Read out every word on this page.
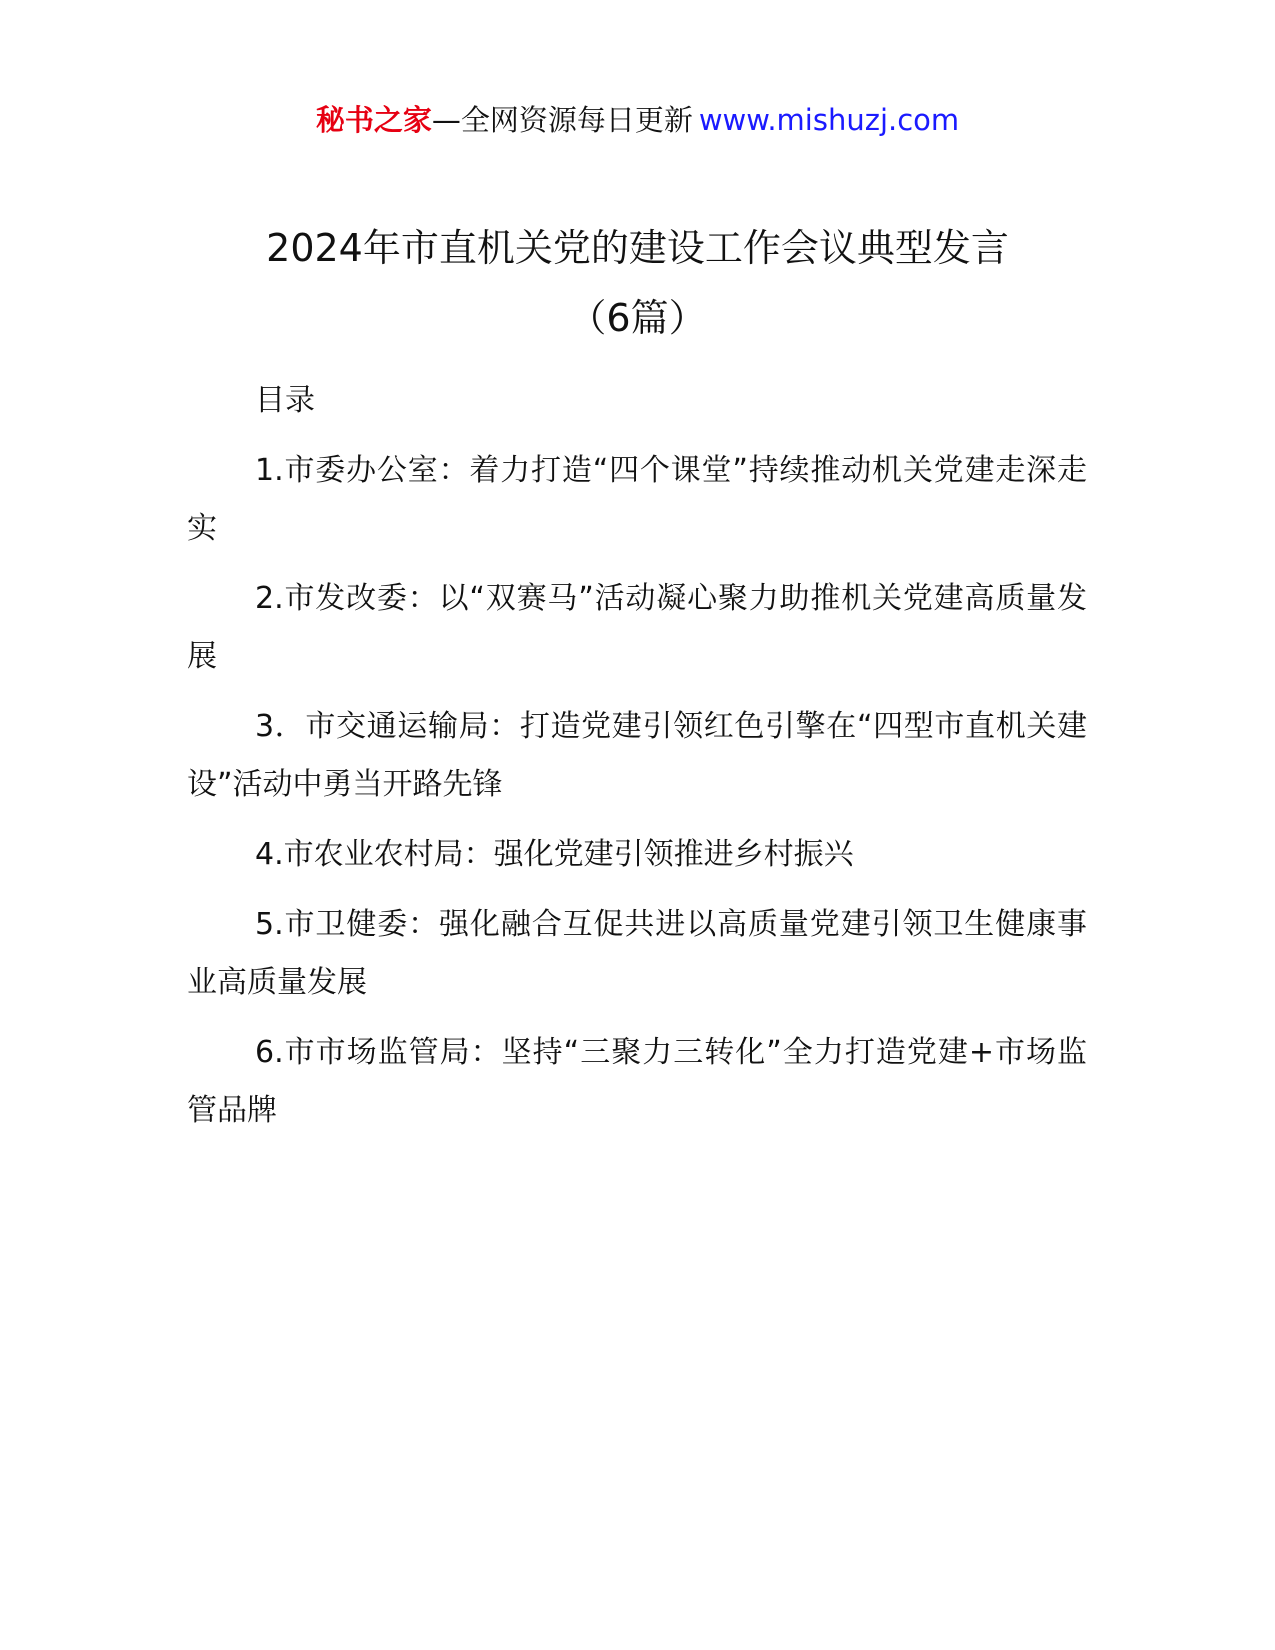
秘书之家—全网资源每日更新 www.mishuzj.com
2024年市直机关党的建设工作会议典型发言
（6篇）

目录

1.市委办公室：着力打造“四个课堂”持续推动机关党建走深走实

2.市发改委：以“双赛马”活动凝心聚力助推机关党建高质量发展

3．市交通运输局：打造党建引领红色引擎在“四型市直机关建设”活动中勇当开路先锋

4.市农业农村局：强化党建引领推进乡村振兴

5.市卫健委：强化融合互促共进以高质量党建引领卫生健康事业高质量发展

6.市市场监管局：坚持“三聚力三转化”全力打造党建+市场监管品牌
